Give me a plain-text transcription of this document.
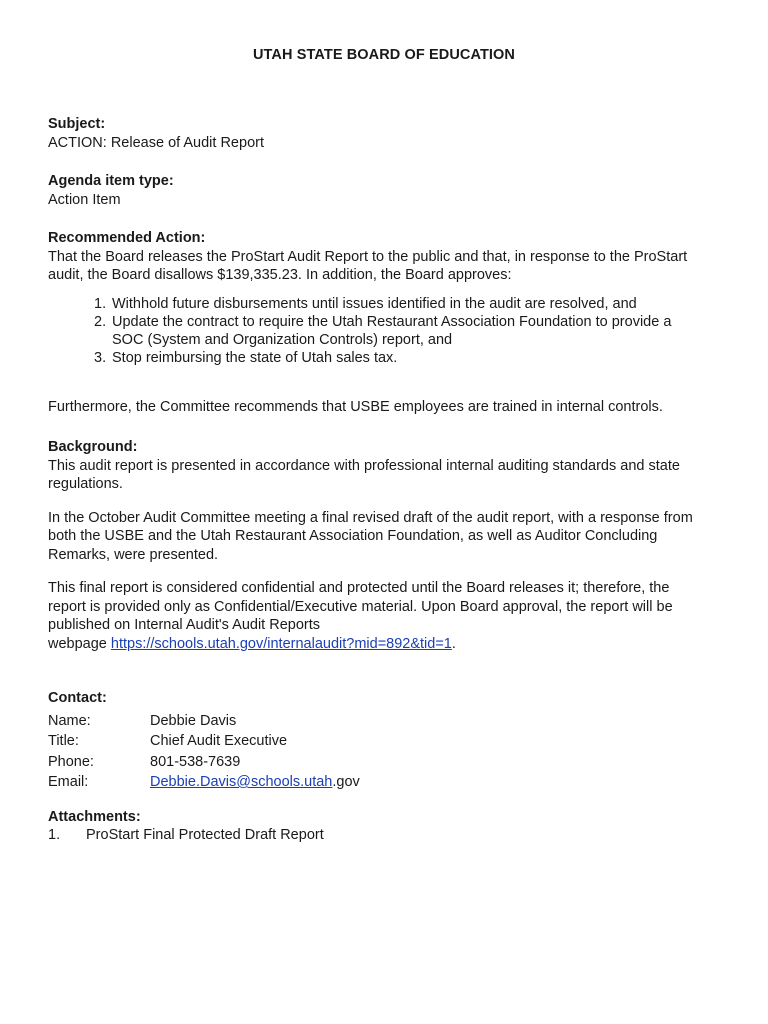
UTAH STATE BOARD OF EDUCATION
Subject:
ACTION: Release of Audit Report
Agenda item type:
Action Item
Recommended Action:
That the Board releases the ProStart Audit Report to the public and that, in response to the ProStart
audit, the Board disallows $139,335.23. In addition, the Board approves:
1. Withhold future disbursements until issues identified in the audit are resolved, and
2. Update the contract to require the Utah Restaurant Association Foundation to provide a
SOC (System and Organization Controls) report, and
3. Stop reimbursing the state of Utah sales tax.
Furthermore, the Committee recommends that USBE employees are trained in internal controls.
Background:
This audit report is presented in accordance with professional internal auditing standards and state
regulations.
In the October Audit Committee meeting a final revised draft of the audit report, with a response from
both the USBE and the Utah Restaurant Association Foundation, as well as Auditor Concluding
Remarks, were presented.
This final report is considered confidential and protected until the Board releases it; therefore, the
report is provided only as Confidential/Executive material. Upon Board approval, the report will be
published on Internal Audit's Audit Reports
webpage https://schools.utah.gov/internalaudit?mid=892&tid=1.
Contact:
Name:	Debbie Davis
Title:	Chief Audit Executive
Phone:	801-538-7639
Email:	Debbie.Davis@schools.utah.gov
Attachments:
1. ProStart Final Protected Draft Report
